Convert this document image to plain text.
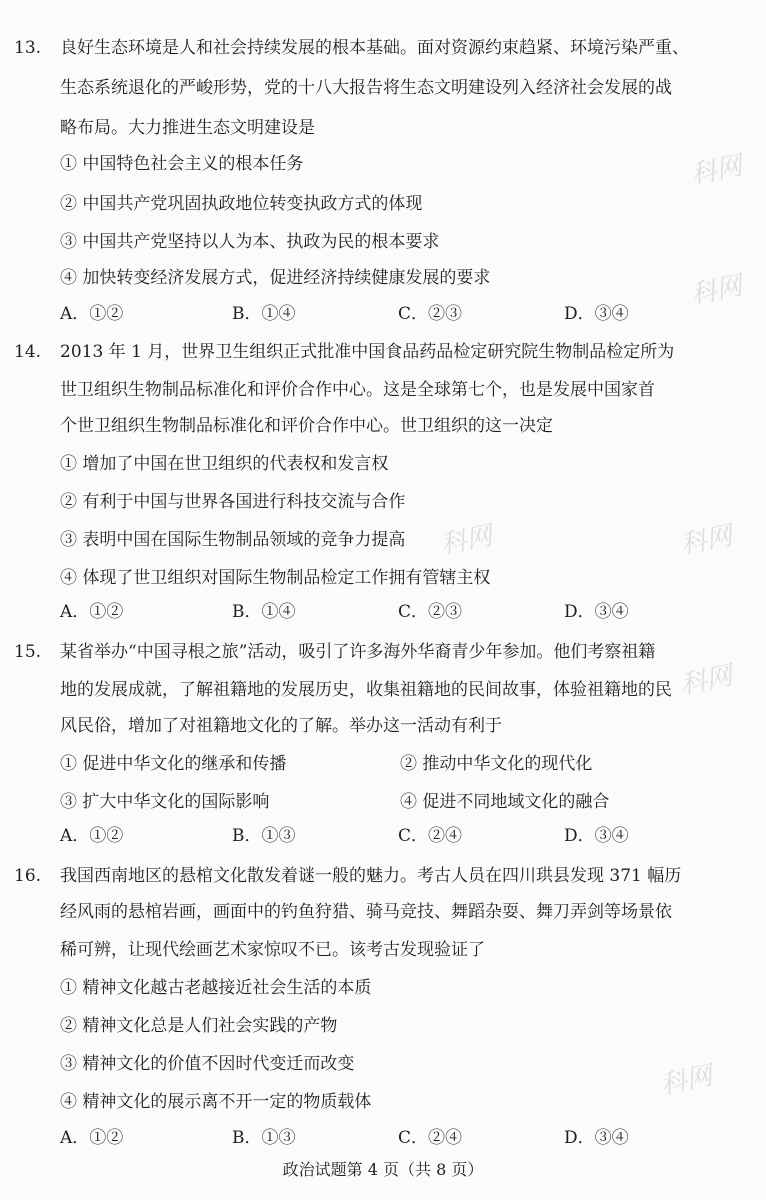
13. 良好生态环境是人和社会持续发展的根本基础。面对资源约束趋紧、环境污染严重、
生态系统退化的严峻形势，党的十八大报告将生态文明建设列入经济社会发展的战
略布局。大力推进生态文明建设是
① 中国特色社会主义的根本任务
② 中国共产党巩固执政地位转变执政方式的体现
③ 中国共产党坚持以人为本、执政为民的根本要求
④ 加快转变经济发展方式，促进经济持续健康发展的要求
A．①②	B．①④	C．②③	D．③④
14. 2013 年 1 月，世界卫生组织正式批准中国食品药品检定研究院生物制品检定所为
世卫组织生物制品标准化和评价合作中心。这是全球第七个，也是发展中国家首
个世卫组织生物制品标准化和评价合作中心。世卫组织的这一决定
① 增加了中国在世卫组织的代表权和发言权
② 有利于中国与世界各国进行科技交流与合作
③ 表明中国在国际生物制品领域的竞争力提高
④ 体现了世卫组织对国际生物制品检定工作拥有管辖主权
A．①②	B．①④	C．②③	D．③④
15. 某省举办“中国寻根之旅”活动，吸引了许多海外华裔青少年参加。他们考察祖籍
地的发展成就，了解祖籍地的发展历史，收集祖籍地的民间故事，体验祖籍地的民
风民俗，增加了对祖籍地文化的了解。举办这一活动有利于
① 促进中华文化的继承和传播	② 推动中华文化的现代化
③ 扩大中华文化的国际影响	④ 促进不同地域文化的融合
A．①②	B．①③	C．②④	D．③④
16. 我国西南地区的悬棺文化散发着谜一般的魅力。考古人员在四川珙县发现 371 幅历
经风雨的悬棺岩画，画面中的钓鱼狩猎、骑马竞技、舞蹈杂耍、舞刀弄剑等场景依
稀可辨，让现代绘画艺术家惊叹不已。该考古发现验证了
① 精神文化越古老越接近社会生活的本质
② 精神文化总是人们社会实践的产物
③ 精神文化的价值不因时代变迁而改变
④ 精神文化的展示离不开一定的物质载体
A．①②	B．①③	C．②④	D．③④
政治试题第 4 页（共 8 页）
科网
科网
科网	科网
科网
科网
